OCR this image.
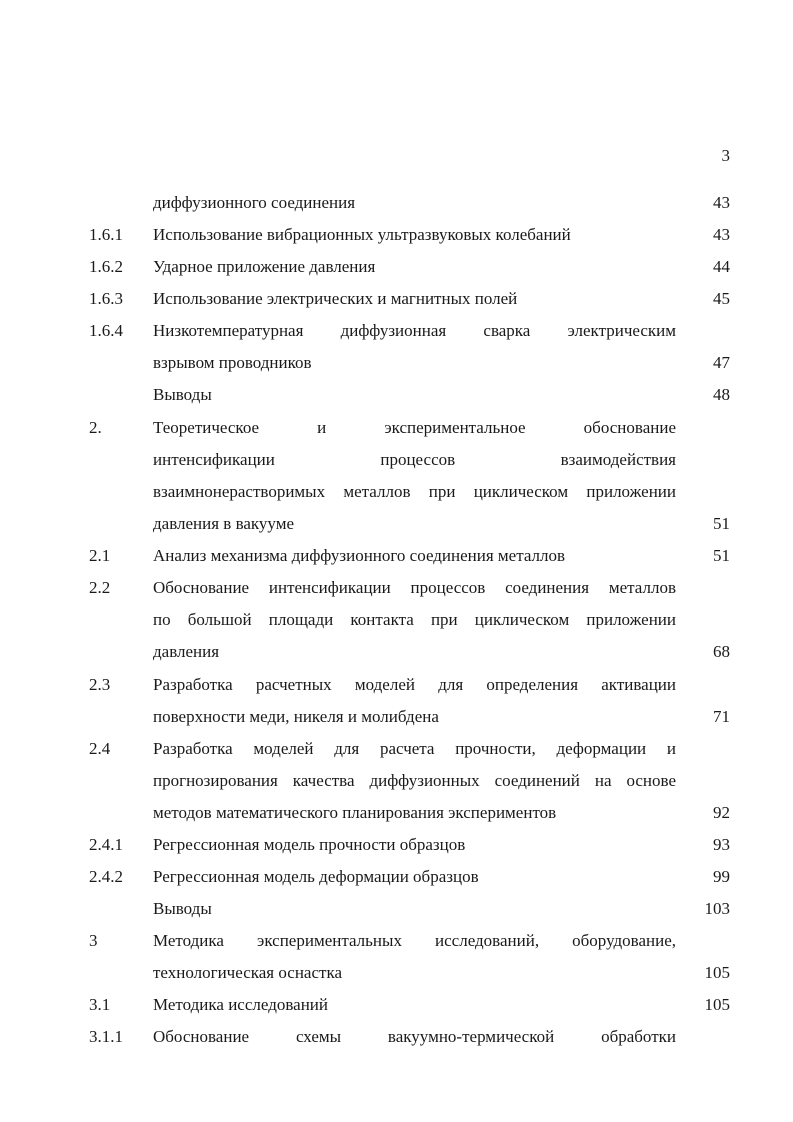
3
диффузионного соединения	43
1.6.1	Использование вибрационных ультразвуковых колебаний	43
1.6.2	Ударное приложение давления	44
1.6.3	Использование электрических и магнитных полей	45
1.6.4	Низкотемпературная диффузионная сварка электрическим
взрывом проводников	47
Выводы	48
2.	Теоретическое и экспериментальное обоснование
интенсификации процессов взаимодействия
взаимнонерастворимых металлов при циклическом приложении
давления в вакууме	51
2.1	Анализ механизма диффузионного соединения металлов	51
2.2	Обоснование интенсификации процессов соединения металлов
по большой площади контакта при циклическом приложении
давления	68
2.3	Разработка расчетных моделей для определения активации
поверхности меди, никеля и молибдена	71
2.4	Разработка моделей для расчета прочности, деформации и
прогнозирования качества диффузионных соединений на основе
методов математического планирования экспериментов	92
2.4.1	Регрессионная модель прочности образцов	93
2.4.2	Регрессионная модель деформации образцов	99
Выводы	103
3	Методика экспериментальных исследований, оборудование,
технологическая оснастка	105
3.1	Методика исследований	105
3.1.1	Обоснование схемы вакуумно-термической обработки
